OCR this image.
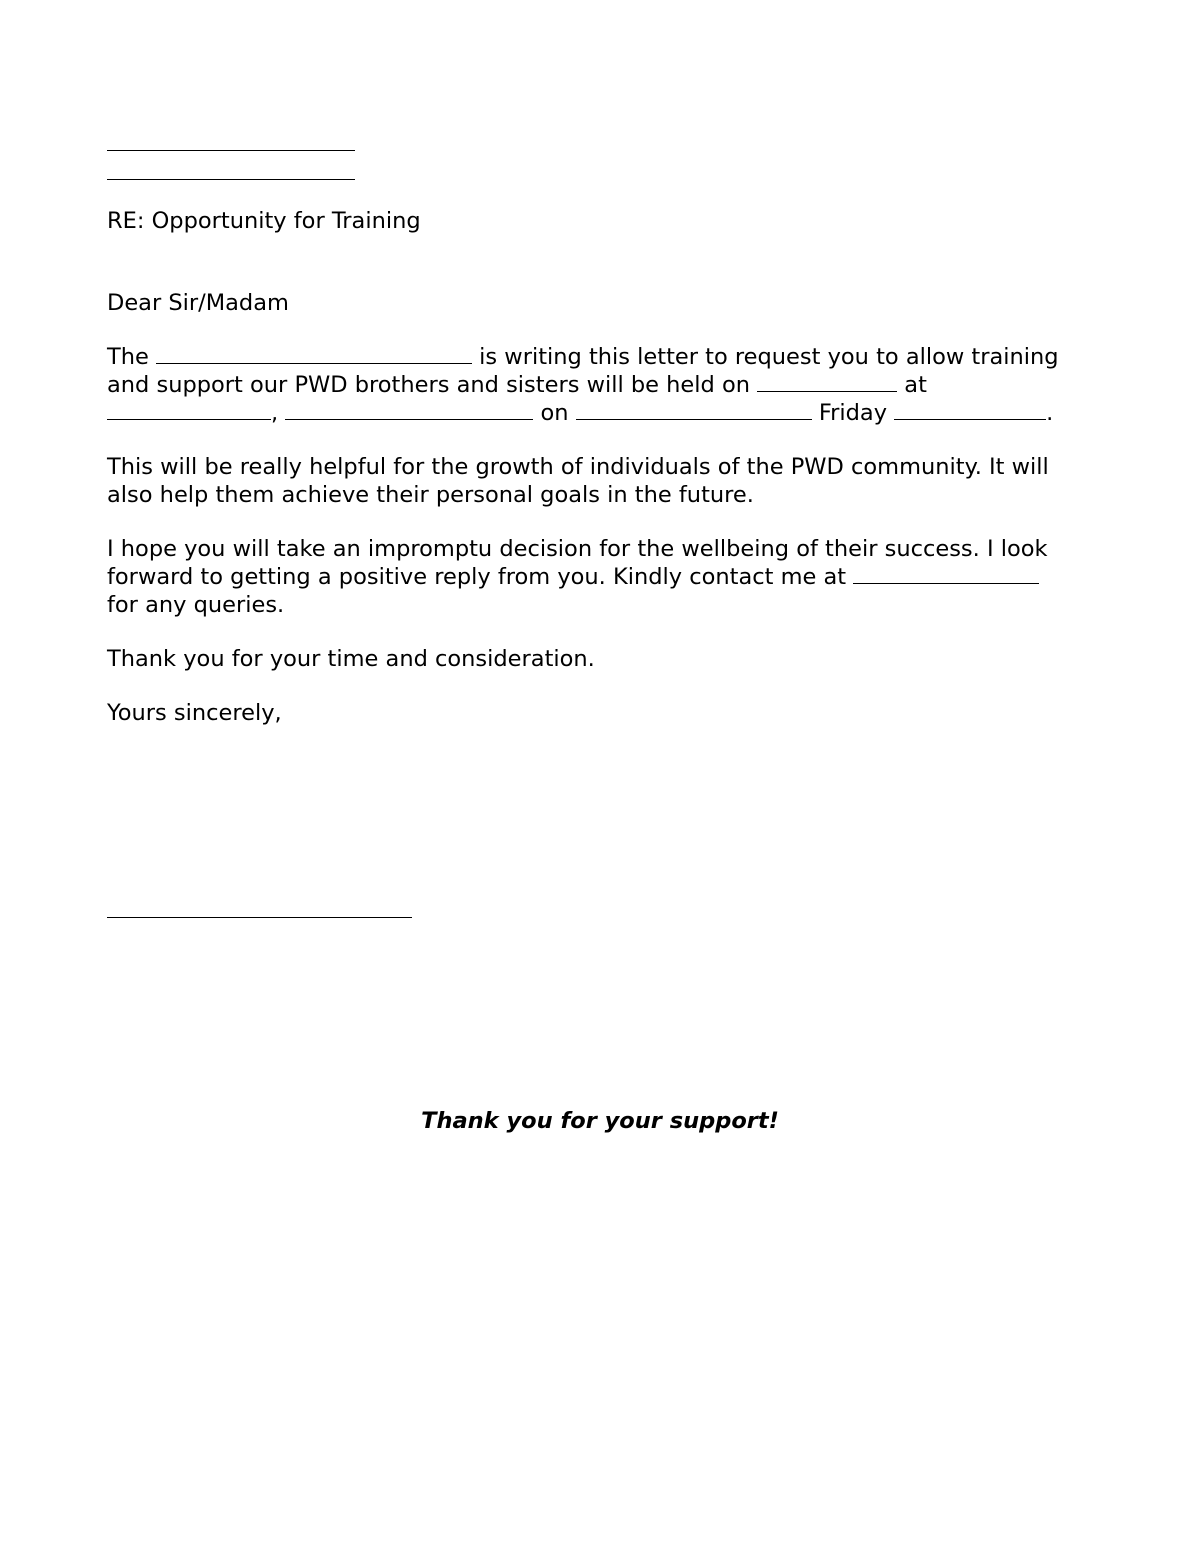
RE: Opportunity for Training
Dear Sir/Madam
The	is writing this letter to request you to allow training
and support our PWD brothers and sisters will be held on	at
,	on	Friday	.
This will be really helpful for the growth of individuals of the PWD community. It will
also help them achieve their personal goals in the future.
I hope you will take an impromptu decision for the wellbeing of their success. I look
forward to getting a positive reply from you. Kindly contact me at
for any queries.
Thank you for your time and consideration.
Yours sincerely,
Thank you for your support!
